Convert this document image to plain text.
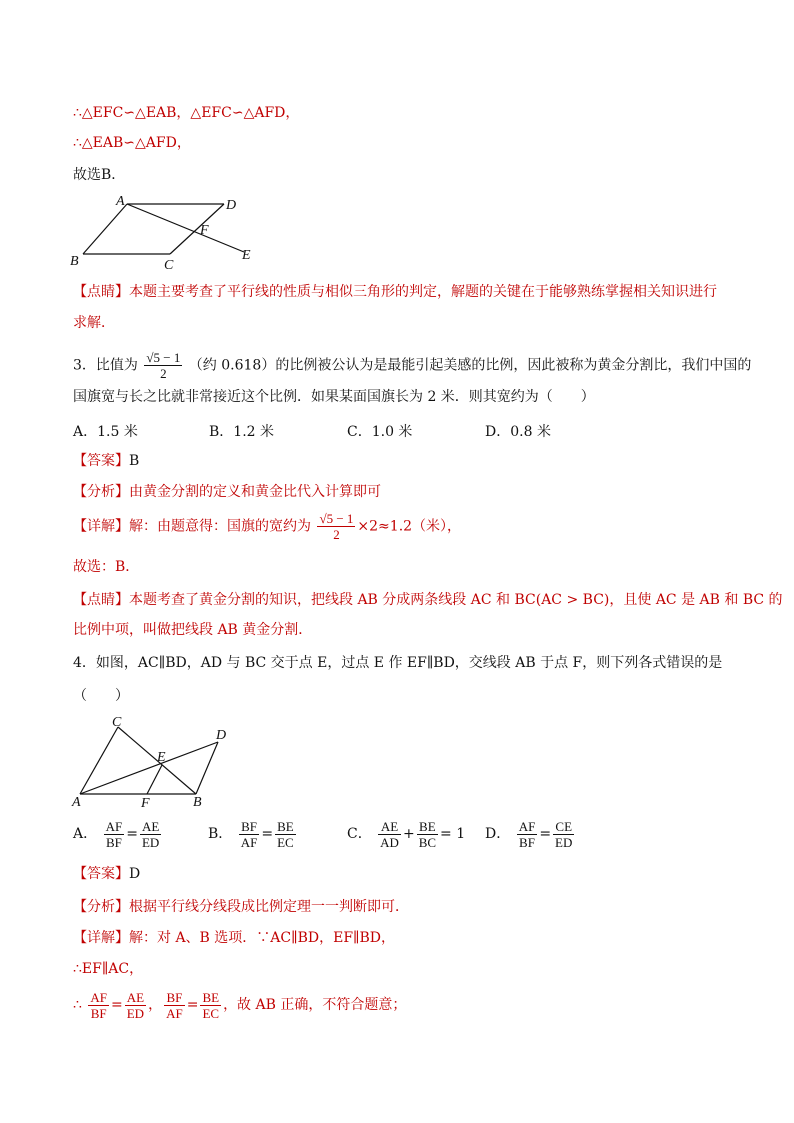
∴△EFC∽△EAB，△EFC∽△AFD，
∴△EAB∽△AFD，
故选B．
A	D
F
E
B	C
【点睛】本题主要考查了平行线的性质与相似三角形的判定，解题的关键在于能够熟练掌握相关知识进行
求解．
3．比值为 $\frac{√5 - 1}{2}$ （约 0.618）的比例被公认为是最能引起美感的比例，因此被称为黄金分割比，我们中国的
国旗宽与长之比就非常接近这个比例．如果某面国旗长为 2 米．则其宽约为（　　）
A．1.5 米	B．1.2 米	C．1.0 米	D．0.8 米
【答案】B
【分析】由黄金分割的定义和黄金比代入计算即可
【详解】解：由题意得：国旗的宽约为 $\frac{√5 - 1}{2} \times 2\approx 1.2$（米），
故选：B．
【点睛】本题考查了黄金分割的知识，把线段 AB 分成两条线段 AC 和 BC(AC > BC)，且使 AC 是 AB 和 BC 的
比例中项，叫做把线段 AB 黄金分割．
4．如图，AC∥BD，AD 与 BC 交于点 E，过点 E 作 EF∥BD，交线段 AB 于点 F，则下列各式错误的是
（　　）
C
D
E
A	F	B
A． $\frac{AF}{BF} = \frac{AE}{ED}$	B． $\frac{BF}{AF} = \frac{BE}{EC}$	C． $\frac{AE}{AD} + \frac{BE}{BC} = 1$ D． $\frac{AF}{BF} = \frac{CE}{ED}$
【答案】D
【分析】根据平行线分线段成比例定理一一判断即可．
【详解】解：对 A、B 选项．∵AC∥BD，EF∥BD，
∴EF∥AC，
∴ $\frac{AF}{BF} = \frac{AE}{ED}$ ， $\frac{BF}{AF} = \frac{BE}{EC}$ ，故 AB 正确，不符合题意；
